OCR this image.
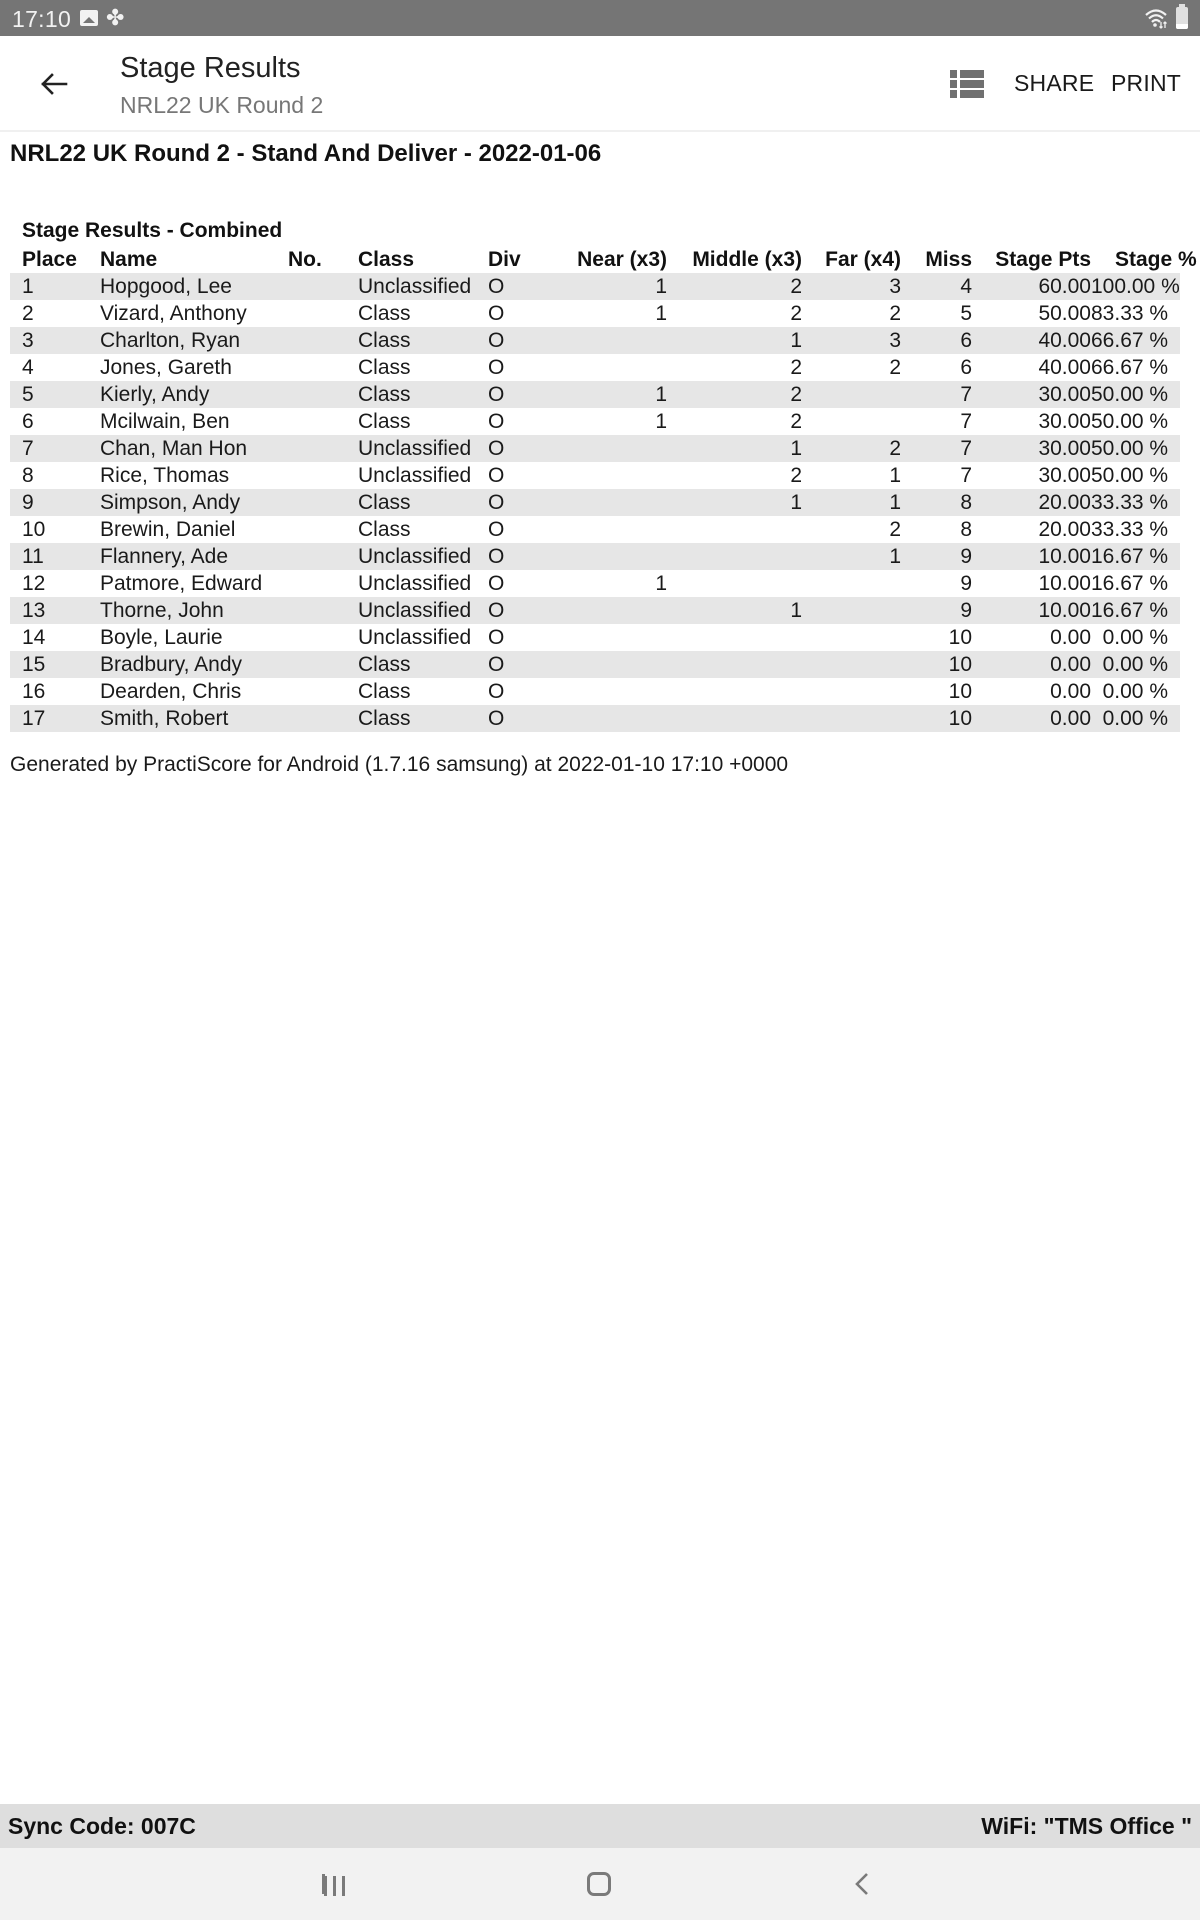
17:10 ✤
Stage Results
NRL22 UK Round 2
SHARE PRINT
NRL22 UK Round 2 - Stand And Deliver - 2022-01-06
Stage Results - Combined
Place	Name	No.	Class	Div	Near (x3)	Middle (x3)	Far (x4)	Miss	Stage Pts	Stage %
1	Hopgood, Lee		Unclassified	O	1	2	3	4	60.00	100.00 %
2	Vizard, Anthony		Class	O	1	2	2	5	50.00	83.33 %
3	Charlton, Ryan		Class	O		1	3	6	40.00	66.67 %
4	Jones, Gareth		Class	O		2	2	6	40.00	66.67 %
5	Kierly, Andy		Class	O	1	2		7	30.00	50.00 %
6	Mcilwain, Ben		Class	O	1	2		7	30.00	50.00 %
7	Chan, Man Hon		Unclassified	O		1	2	7	30.00	50.00 %
8	Rice, Thomas		Unclassified	O		2	1	7	30.00	50.00 %
9	Simpson, Andy		Class	O		1	1	8	20.00	33.33 %
10	Brewin, Daniel		Class	O			2	8	20.00	33.33 %
11	Flannery, Ade		Unclassified	O			1	9	10.00	16.67 %
12	Patmore, Edward		Unclassified	O	1			9	10.00	16.67 %
13	Thorne, John		Unclassified	O		1		9	10.00	16.67 %
14	Boyle, Laurie		Unclassified	O				10	0.00	0.00 %
15	Bradbury, Andy		Class	O				10	0.00	0.00 %
16	Dearden, Chris		Class	O				10	0.00	0.00 %
17	Smith, Robert		Class	O				10	0.00	0.00 %
Generated by PractiScore for Android (1.7.16 samsung) at 2022-01-10 17:10 +0000
Sync Code: 007C	WiFi: "TMS Office "
